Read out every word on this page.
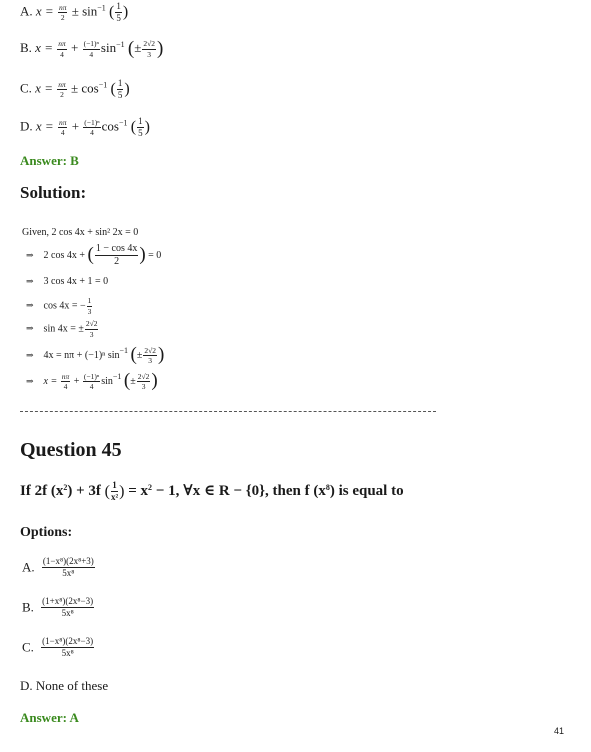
A. $x = \frac{n\pi}{2} \pm \sin^{-1}$ ( $\frac{1}{5}$ )
B. $x = \frac{n\pi}{4} + \frac{\text{(−1)ⁿ}}{4} \sin^{-1}$ (± $\frac{2√2}{3}$ )
C. $x = \frac{n\pi}{2} \pm \cos^{-1}$ ( $\frac{1}{5}$ )
D. $x = \frac{n\pi}{4} + \frac{\text{(−1)ⁿ}}{4} \cos^{-1}$ ( $\frac{1}{5}$ )
Answer: B
Solution:
Given, 2 cos 4x + sin² 2x = 0
⇒ 2 cos 4x + ( $\frac{1 - \cos 4x}{2}$ ) = 0
⇒ 3 cos 4x + 1 = 0
⇒ cos 4x = − $\frac{1}{3}$
⇒ sin 4x = ± $\frac{2√2}{3}$
⇒ 4x = nπ + (−1)ⁿ $\sin^{-1}$ (± $\frac{2√2}{3}$ )
⇒ $x = \frac{n\pi}{4} + \frac{\text{(−1)ⁿ}}{4} \sin^{-1}$ (± $\frac{2√2}{3}$ )
Question 45
If 2f $(x^2) + 3f$ ( $\frac{1}{\text{x²}}$ ) = $x^2 - 1$, ∀x ∈ R − {0}, then f $(x^8)$ is equal to
Options:
A. $\frac{\text{(1−x⁸)(2x⁸+3)}}{\text{5x⁸}}$
B. $\frac{\text{(1+x⁸)(2x⁸−3)}}{\text{5x⁸}}$
C. $\frac{\text{(1−x⁸)(2x⁸−3)}}{\text{5x⁸}}$
D. None of these
Answer: A
41
